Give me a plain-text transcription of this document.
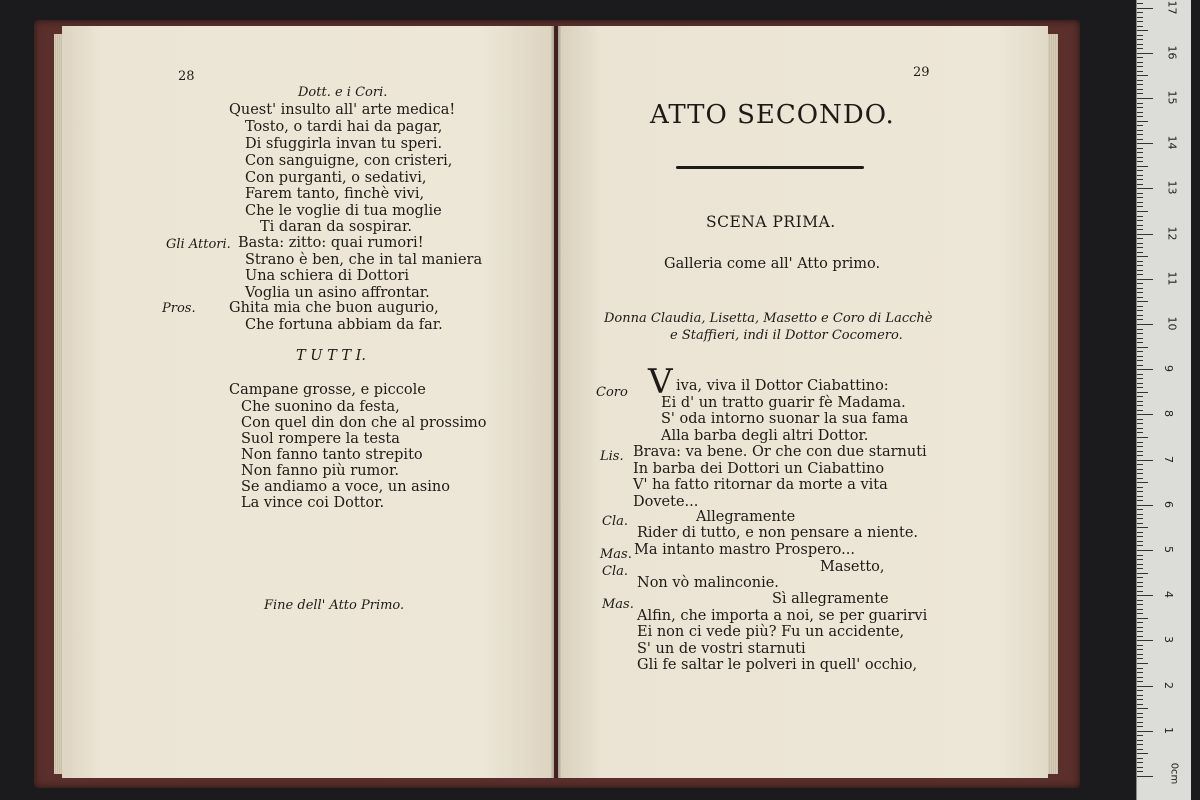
28
Dott. e i Cori.
Quest' insulto all' arte medica!
Tosto, o tardi hai da pagar,
Di sfuggirla invan tu speri.
Con sanguigne, con cristeri,
Con purganti, o sedativi,
Farem tanto, finchè vivi,
Che le voglie di tua moglie
Ti daran da sospirar.
Gli Attori. Basta: zitto: quai rumori!
Strano è ben, che in tal maniera
Una schiera di Dottori
Voglia un asino affrontar.
Pros. Ghita mia che buon augurio,
Che fortuna abbiam da far.
T U T T I.
Campane grosse, e piccole
Che suonino da festa,
Con quel din don che al prossimo
Suol rompere la testa
Non fanno tanto strepito
Non fanno più rumor.
Se andiamo a voce, un asino
La vince coi Dottor.
Fine dell' Atto Primo.
29
ATTO SECONDO.
SCENA PRIMA.
Galleria come all' Atto primo.
Donna Claudia, Lisetta, Masetto e Coro di Lacchè
e Staffieri, indi il Dottor Cocomero.
Coro V iva, viva il Dottor Ciabattino:
Ei d' un tratto guarir fè Madama.
S' oda intorno suonar la sua fama
Alla barba degli altri Dottor.
Lis. Brava: va bene. Or che con due starnuti
In barba dei Dottori un Ciabattino
V' ha fatto ritornar da morte a vita
Dovete...
Cla.	Allegramente
Rider di tutto, e non pensare a niente.
Mas. Ma intanto mastro Prospero...
Cla.	Masetto,
Non vò malinconie.
Mas.	Sì allegramente
Alfin, che importa a noi, se per guarirvi
Ei non ci vede più? Fu un accidente,
S' un de vostri starnuti
Gli fe saltar le polveri in quell' occhio,
0cm
1
2
3
4
5
6
7
8
9
10
11
12
13
14
15
16
17
